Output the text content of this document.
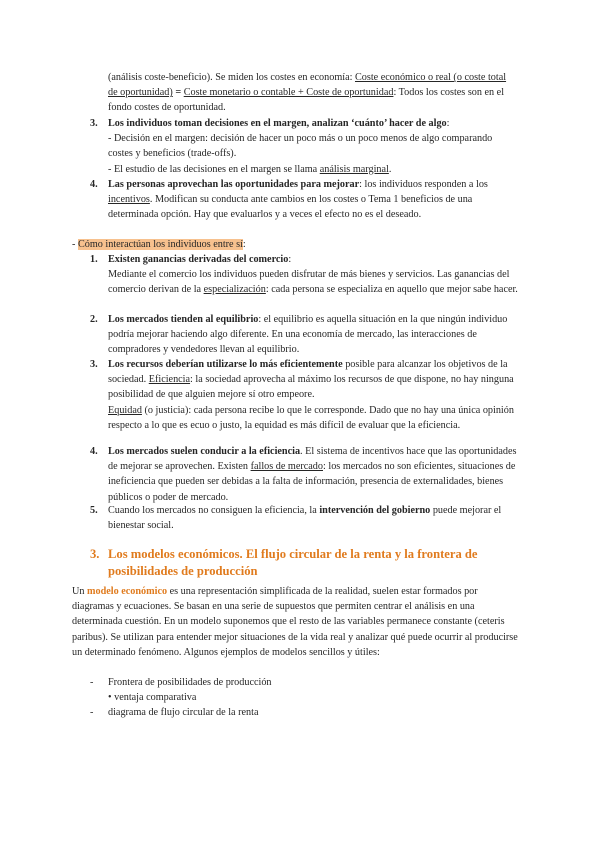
(análisis coste-beneficio). Se miden los costes en economía: Coste económico o real (o coste total de oportunidad) = Coste monetario o contable + Coste de oportunidad: Todos los costes son en el fondo costes de oportunidad.

3. Los individuos toman decisiones en el margen, analizan ‘cuánto’ hacer de algo:
- Decisión en el margen: decisión de hacer un poco más o un poco menos de algo comparando costes y beneficios (trade-offs).
- El estudio de las decisiones en el margen se llama análisis marginal.
4. Las personas aprovechan las oportunidades para mejorar: los individuos responden a los incentivos. Modifican su conducta ante cambios en los costes o Tema 1 beneficios de una determinada opción. Hay que evaluarlos y a veces el efecto no es el deseado.

- Cómo interactúan los individuos entre sí:
1. Existen ganancias derivadas del comercio:
Mediante el comercio los individuos pueden disfrutar de más bienes y servicios. Las ganancias del comercio derivan de la especialización: cada persona se especializa en aquello que mejor sabe hacer.
2. Los mercados tienden al equilibrio: el equilibrio es aquella situación en la que ningún individuo podría mejorar haciendo algo diferente. En una economía de mercado, las interacciones de compradores y vendedores llevan al equilibrio.

3. Los recursos deberían utilizarse lo más eficientemente posible para alcanzar los objetivos de la sociedad. Eficiencia: la sociedad aprovecha al máximo los recursos de que dispone, no hay ninguna posibilidad de que alguien mejore sí otro empeore.
Equidad (o justicia): cada persona recibe lo que le corresponde. Dado que no hay una única opinión respecto a lo que es ecuo o justo, la equidad es más difícil de evaluar que la eficiencia.
4. Los mercados suelen conducir a la eficiencia. El sistema de incentivos hace que las oportunidades de mejorar se aprovechen. Existen fallos de mercado: los mercados no son eficientes, situaciones de ineficiencia que pueden ser debidas a la falta de información, presencia de externalidades, bienes públicos o poder de mercado.

5. Cuando los mercados no consiguen la eficiencia, la intervención del gobierno puede mejorar el bienestar social.

3. Los modelos económicos. El flujo circular de la renta y la frontera de posibilidades de producción

Un modelo económico es una representación simplificada de la realidad, suelen estar formados por diagramas y ecuaciones. Se basan en una serie de supuestos que permiten centrar el análisis en una determinada cuestión. En un modelo suponemos que el resto de las variables permanece constante (ceteris paribus). Se utilizan para entender mejor situaciones de la vida real y analizar qué puede ocurrir al producirse un determinado fenómeno. Algunos ejemplos de modelos sencillos y útiles:

- Frontera de posibilidades de producción
• ventaja comparativa
- diagrama de flujo circular de la renta
